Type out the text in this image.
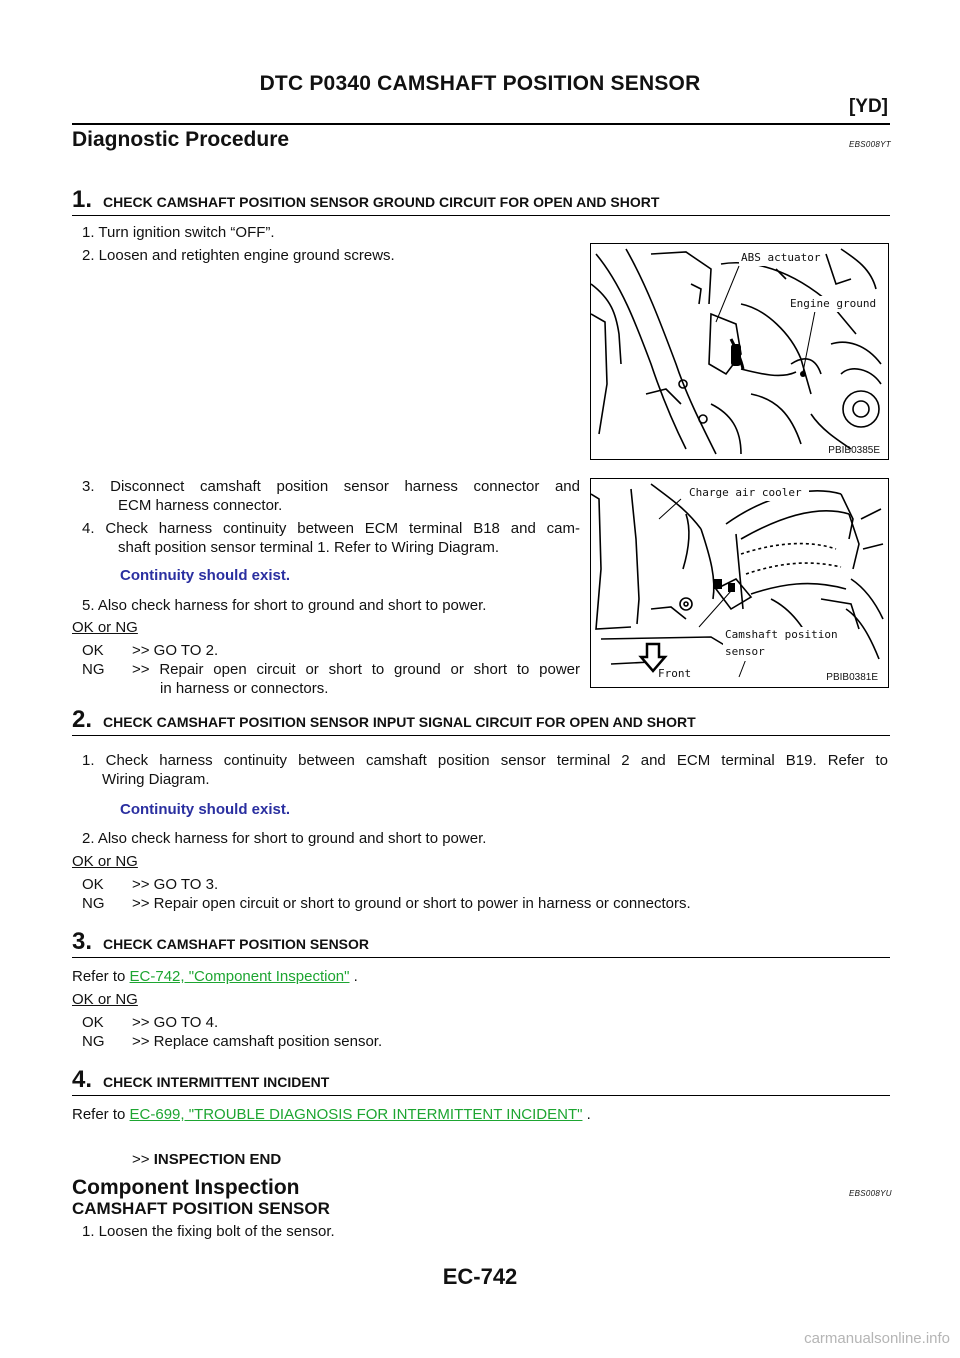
DTC P0340 CAMSHAFT POSITION SENSOR
[YD]
Diagnostic Procedure	EBS008YT
1. CHECK CAMSHAFT POSITION SENSOR GROUND CIRCUIT FOR OPEN AND SHORT
1. Turn ignition switch “OFF”.
2. Loosen and retighten engine ground screws.
3. Disconnect camshaft position sensor harness connector and
ECM harness connector.
4. Check harness continuity between ECM terminal B18 and cam-
shaft position sensor terminal 1. Refer to Wiring Diagram.
Continuity should exist.
5. Also check harness for short to ground and short to power.
OK or NG
OK >> GO TO 2.
NG >> Repair open circuit or short to ground or short to power
in harness or connectors.
ABS actuator
Engine ground
PBIB0385E
Charge air cooler
Camshaft position
sensor
Front	PBIB0381E
2. CHECK CAMSHAFT POSITION SENSOR INPUT SIGNAL CIRCUIT FOR OPEN AND SHORT
1. Check harness continuity between camshaft position sensor terminal 2 and ECM terminal B19. Refer to
Wiring Diagram.
Continuity should exist.
2. Also check harness for short to ground and short to power.
OK or NG
OK >> GO TO 3.
NG >> Repair open circuit or short to ground or short to power in harness or connectors.
3. CHECK CAMSHAFT POSITION SENSOR
Refer to EC-742, "Component Inspection" .
OK or NG
OK >> GO TO 4.
NG >> Replace camshaft position sensor.
4. CHECK INTERMITTENT INCIDENT
Refer to EC-699, "TROUBLE DIAGNOSIS FOR INTERMITTENT INCIDENT" .
>> INSPECTION END
Component Inspection	EBS008YU
CAMSHAFT POSITION SENSOR
1. Loosen the fixing bolt of the sensor.
EC-742
carmanualsonline.info
